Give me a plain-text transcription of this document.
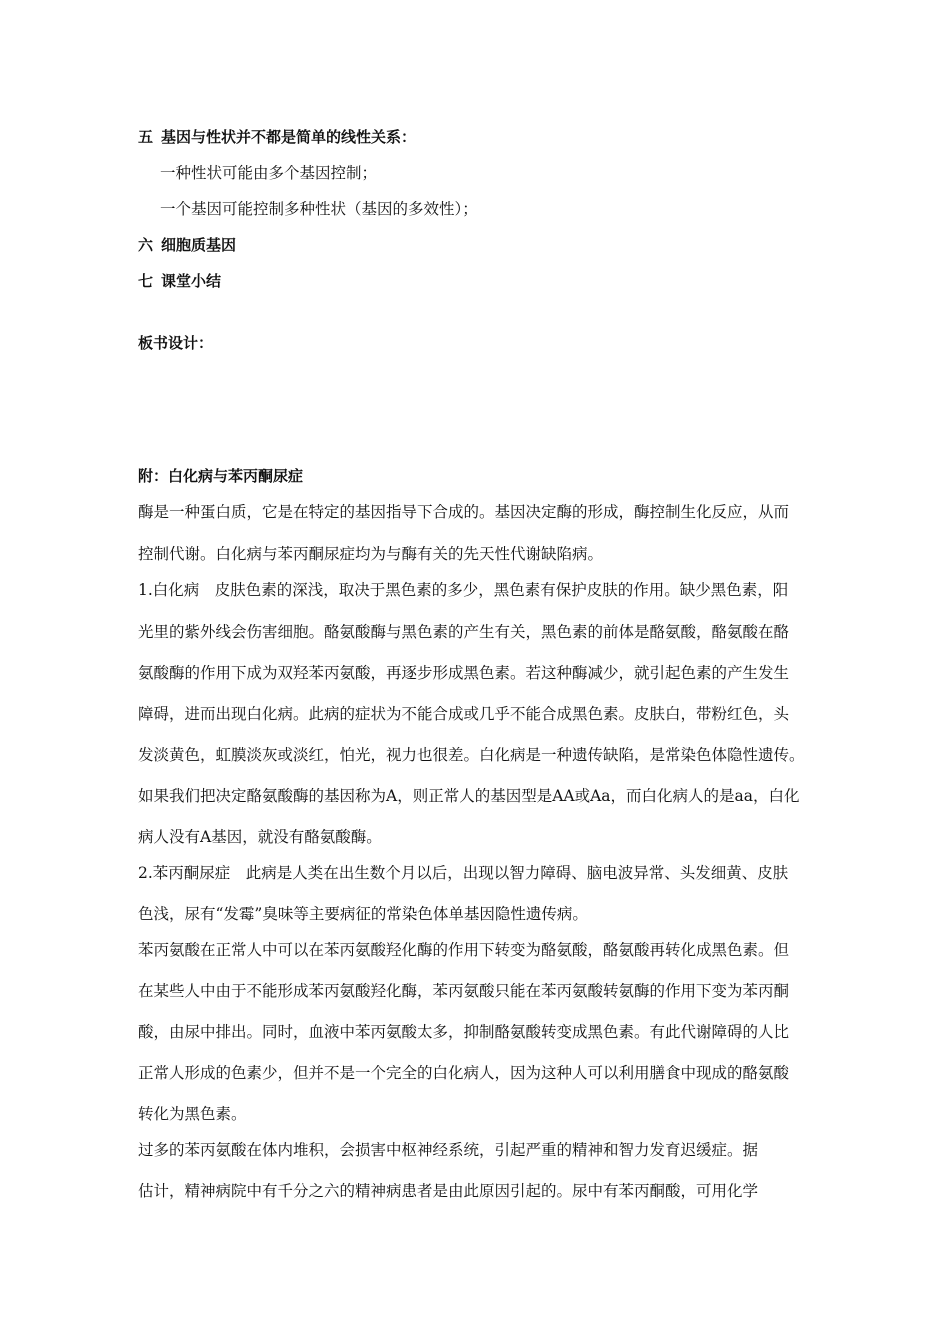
五 基因与性状并不都是简单的线性关系：
一种性状可能由多个基因控制；
一个基因可能控制多种性状（基因的多效性）；
六 细胞质基因
七 课堂小结
板书设计：
附：白化病与苯丙酮尿症
酶是一种蛋白质，它是在特定的基因指导下合成的。基因决定酶的形成，酶控制生化反应，从而
控制代谢。白化病与苯丙酮尿症均为与酶有关的先天性代谢缺陷病。
1.白化病　皮肤色素的深浅，取决于黑色素的多少，黑色素有保护皮肤的作用。缺少黑色素，阳
光里的紫外线会伤害细胞。酪氨酸酶与黑色素的产生有关，黑色素的前体是酪氨酸，酪氨酸在酪
氨酸酶的作用下成为双羟苯丙氨酸，再逐步形成黑色素。若这种酶减少，就引起色素的产生发生
障碍，进而出现白化病。此病的症状为不能合成或几乎不能合成黑色素。皮肤白，带粉红色，头
发淡黄色，虹膜淡灰或淡红，怕光，视力也很差。白化病是一种遗传缺陷，是常染色体隐性遗传。
如果我们把决定酪氨酸酶的基因称为A，则正常人的基因型是AA或Aa，而白化病人的是aa，白化
病人没有A基因，就没有酪氨酸酶。
2.苯丙酮尿症　此病是人类在出生数个月以后，出现以智力障碍、脑电波异常、头发细黄、皮肤
色浅，尿有“发霉”臭味等主要病征的常染色体单基因隐性遗传病。
苯丙氨酸在正常人中可以在苯丙氨酸羟化酶的作用下转变为酪氨酸，酪氨酸再转化成黑色素。但
在某些人中由于不能形成苯丙氨酸羟化酶，苯丙氨酸只能在苯丙氨酸转氨酶的作用下变为苯丙酮
酸，由尿中排出。同时，血液中苯丙氨酸太多，抑制酪氨酸转变成黑色素。有此代谢障碍的人比
正常人形成的色素少，但并不是一个完全的白化病人，因为这种人可以利用膳食中现成的酪氨酸
转化为黑色素。
过多的苯丙氨酸在体内堆积，会损害中枢神经系统，引起严重的精神和智力发育迟缓症。据
估计，精神病院中有千分之六的精神病患者是由此原因引起的。尿中有苯丙酮酸，可用化学
